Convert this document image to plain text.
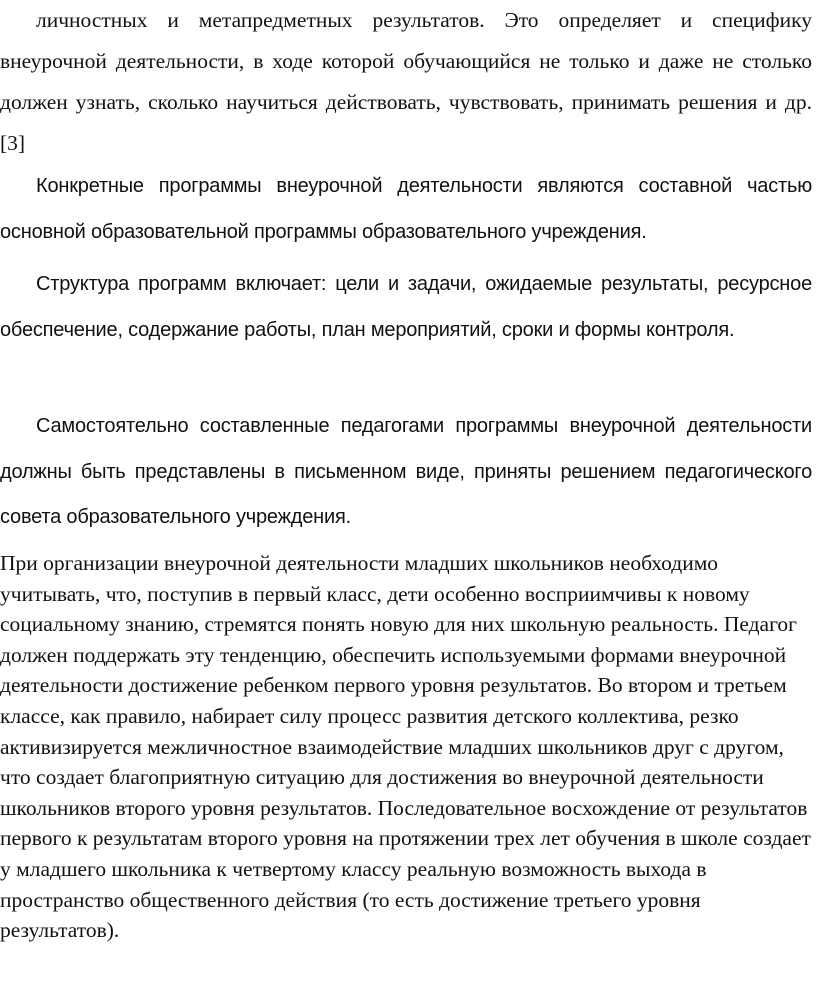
личностных и метапредметных результатов. Это определяет и специфику внеурочной деятельности, в ходе которой обучающийся не только и даже не столько должен узнать, сколько научиться действовать, чувствовать, принимать решения и др. [3]

Конкретные программы внеурочной деятельности являются составной частью основной образовательной программы образовательного учреждения.

Структура программ включает: цели и задачи, ожидаемые результаты, ресурсное обеспечение, содержание работы, план мероприятий, сроки и формы контроля.

Самостоятельно составленные педагогами программы внеурочной деятельности должны быть представлены в письменном виде, приняты решением педагогического совета образовательного учреждения.

При организации внеурочной деятельности младших школьников необходимо учитывать, что, поступив в первый класс, дети особенно восприимчивы к новому социальному знанию, стремятся понять новую для них школьную реальность. Педагог должен поддержать эту тенденцию, обеспечить используемыми формами внеурочной деятельности достижение ребенком первого уровня результатов. Во втором и третьем классе, как правило, набирает силу процесс развития детского коллектива, резко активизируется межличностное взаимодействие младших школьников друг с другом, что создает благоприятную ситуацию для достижения во внеурочной деятельности школьников второго уровня результатов. Последовательное восхождение от результатов первого к результатам второго уровня на протяжении трех лет обучения в школе создает у младшего школьника к четвертому классу реальную возможность выхода в пространство общественного действия (то есть достижение третьего уровня результатов).
